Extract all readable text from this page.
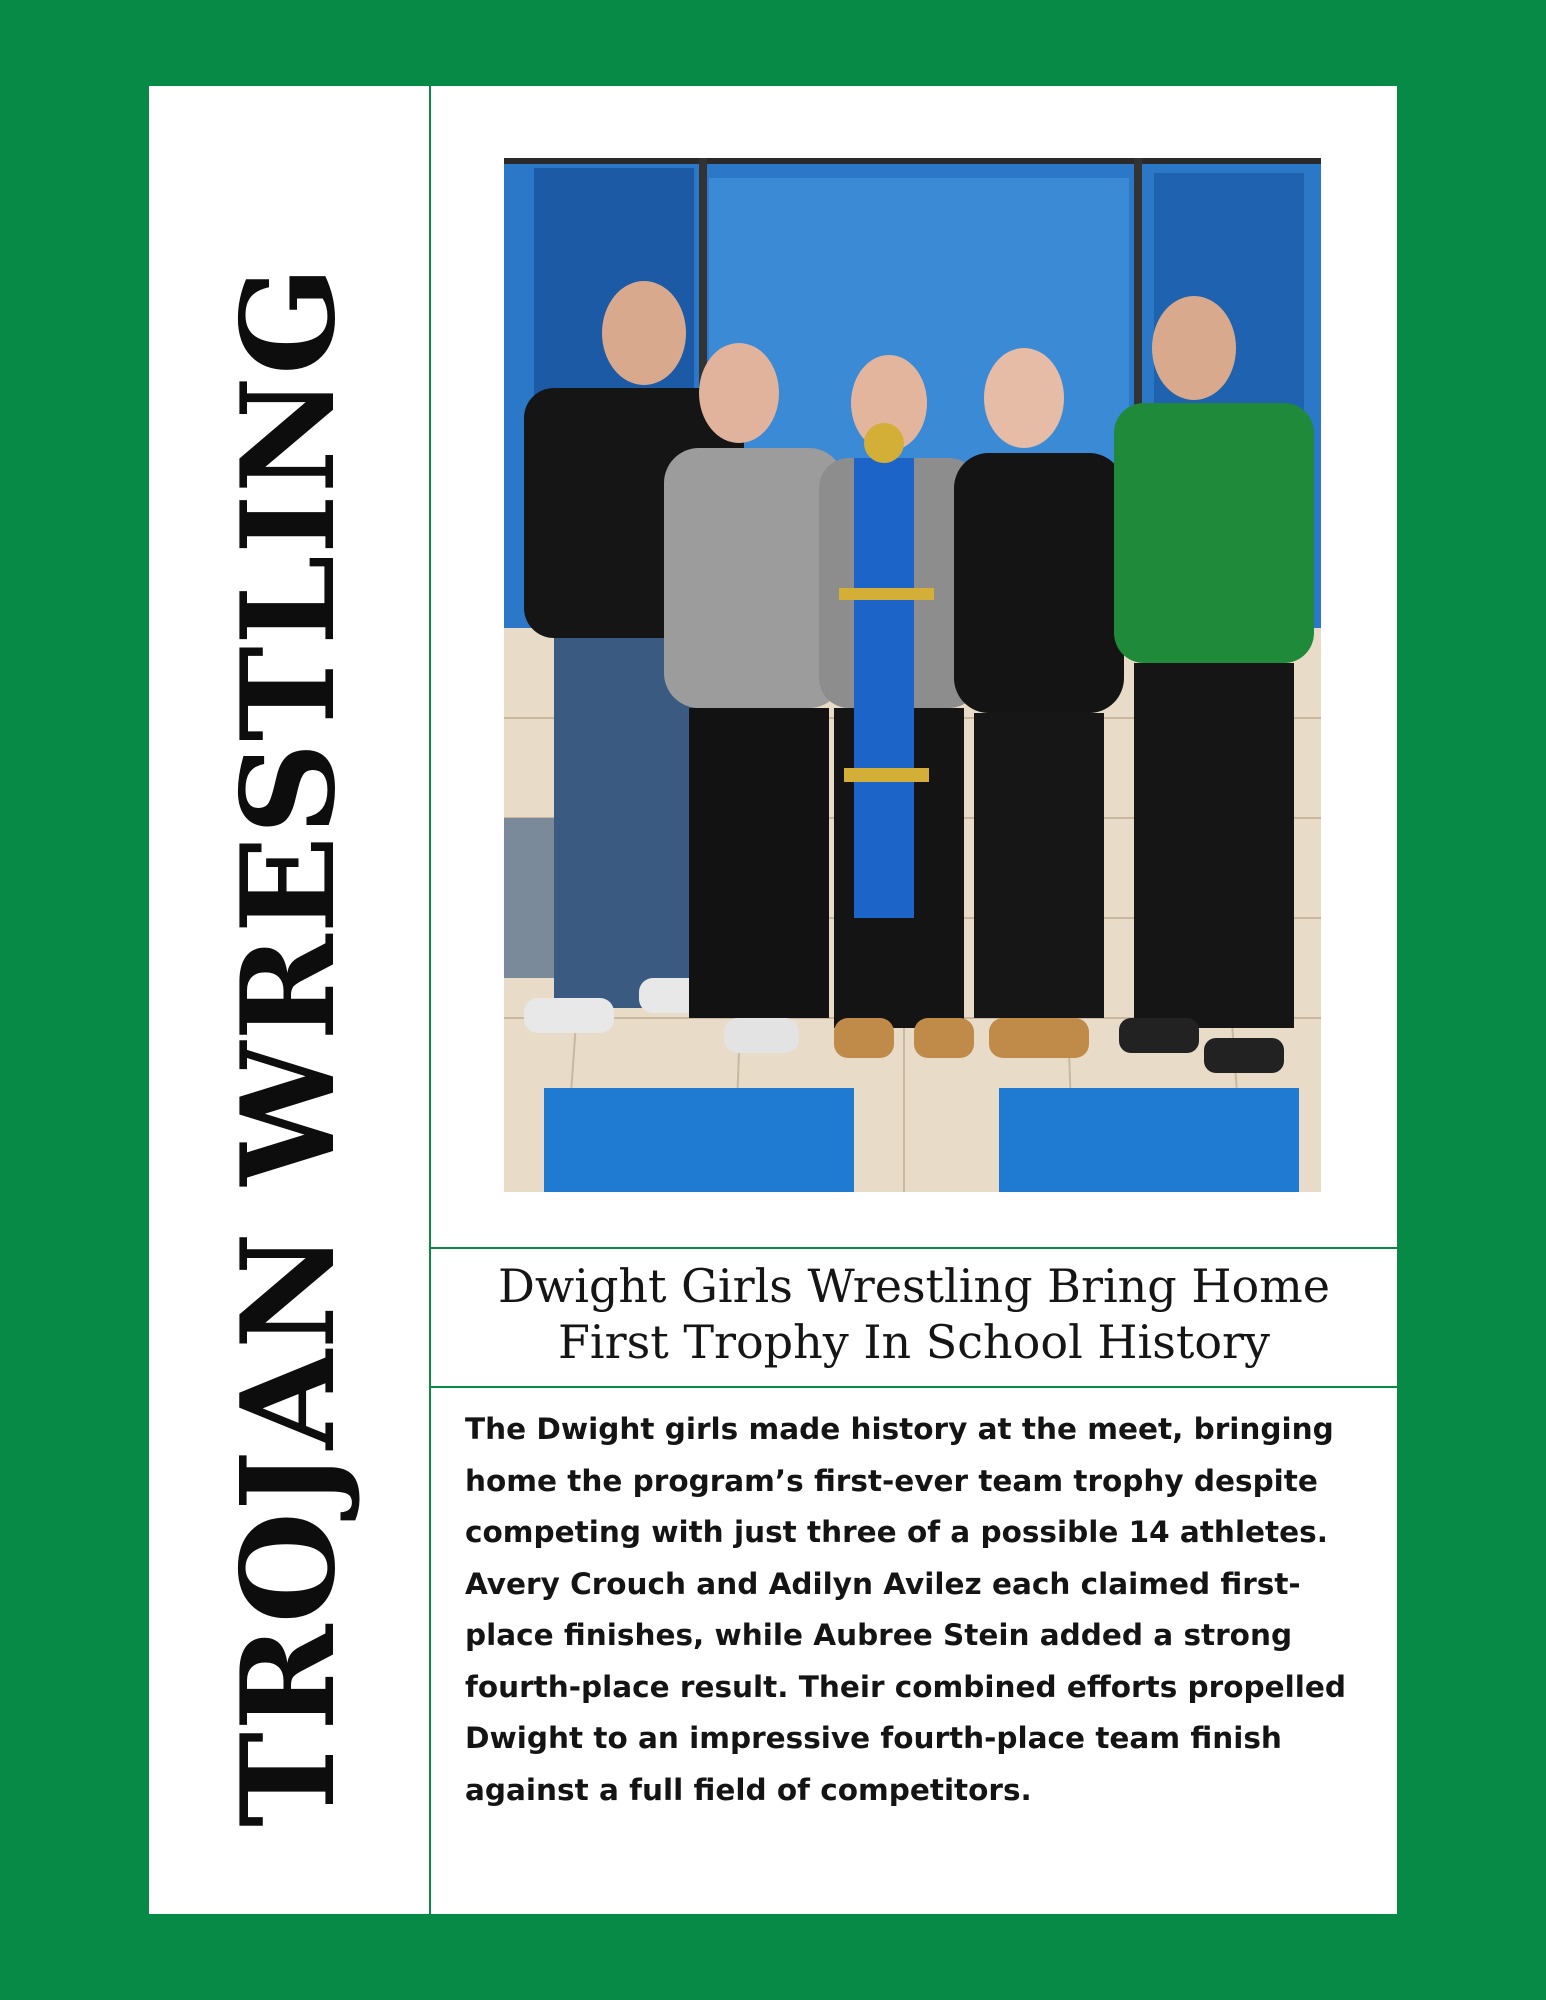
TROJAN WRESTLING	Dwight Girls Wrestling Bring Home
First Trophy In School History

The Dwight girls made history at the meet, bringing home the program’s first-ever team trophy despite competing with just three of a possible 14 athletes. Avery Crouch and Adilyn Avilez each claimed first-place finishes, while Aubree Stein added a strong fourth-place result. Their combined efforts propelled Dwight to an impressive fourth-place team finish against a full field of competitors.
